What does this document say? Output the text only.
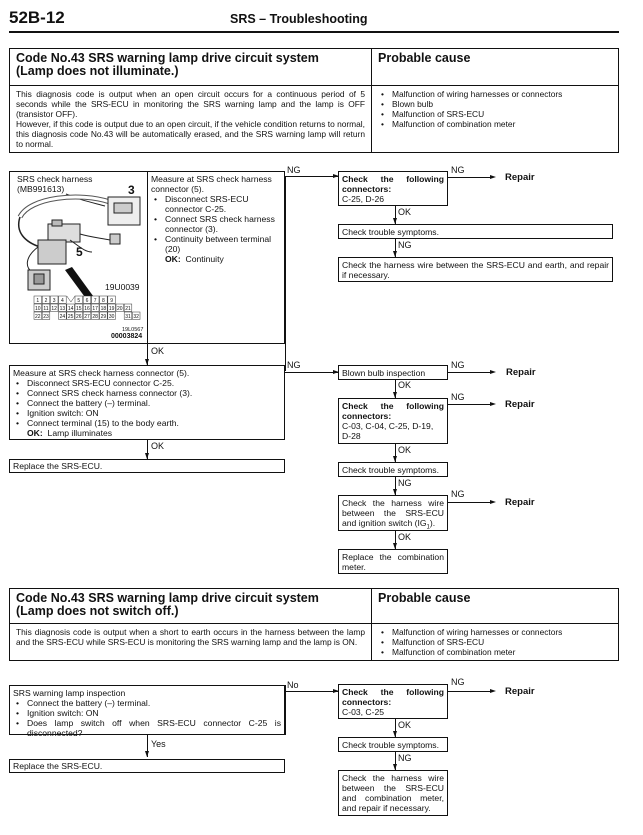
52B-12	SRS – Troubleshooting
Code No.43 SRS warning lamp drive circuit system
(Lamp does not illuminate.)
Probable cause
This diagnosis code is output when an open circuit occurs for a continuous period of 5 seconds while the SRS-ECU in monitoring the SRS warning lamp and the lamp is OFF (transistor OFF).
However, if this code is output due to an open circuit, if the vehicle condition returns to normal, this diagnosis code No.43 will be automatically erased, and the SRS warning lamp will return to normal.
• Malfunction of wiring harnesses or connectors
• Blown bulb
• Malfunction of SRS-ECU
• Malfunction of combination meter
SRS check harness
(MB991613)
1 2 3 4	5 6 7 8 9
10 11 12 13 14 15 16 17 18 19 20 21
22 23 24 25 26 27 28 29 30 31 32
3
5
19U0039
19L0567
00003824
Measure at SRS check harness connector (5).
• Disconnect SRS-ECU connector C-25.
• Connect SRS check harness connector (3).
• Continuity between terminal (20)
OK: Continuity
NG
Check the following connectors:
C-25, D-26
NG
Repair
OK
Check trouble symptoms.
NG
Check the harness wire between the SRS-ECU and earth, and repair if necessary.
OK
Measure at SRS check harness connector (5).
• Disconnect SRS-ECU connector C-25.
• Connect SRS check harness connector (3).
• Connect the battery (–) terminal.
• Ignition switch: ON
• Connect terminal (15) to the body earth.
OK: Lamp illuminates
OK
Replace the SRS-ECU.
NG
Blown bulb inspection
NG
Repair
OK
Check the following connectors:
C-03, C-04, C-25, D-19, D-28
NG
Repair
OK
Check trouble symptoms.
NG
Check the harness wire between the SRS-ECU and ignition switch $(IG_1)$.
NG
Repair
OK
Replace the combination meter.
Code No.43 SRS warning lamp drive circuit system
(Lamp does not switch off.)
Probable cause
This diagnosis code is output when a short to earth occurs in the harness between the lamp and the SRS-ECU while SRS-ECU is monitoring the SRS warning lamp and the lamp is ON.
• Malfunction of wiring harnesses or connectors
• Malfunction of SRS-ECU
• Malfunction of combination meter
SRS warning lamp inspection
• Connect the battery (–) terminal.
• Ignition switch: ON
• Does lamp switch off when SRS-ECU connector C-25 is disconnected?
No
Yes
Replace the SRS-ECU.
Check the following connectors:
C-03, C-25
NG
Repair
OK
Check trouble symptoms.
NG
Check the harness wire between the SRS-ECU and combination meter, and repair if necessary.
